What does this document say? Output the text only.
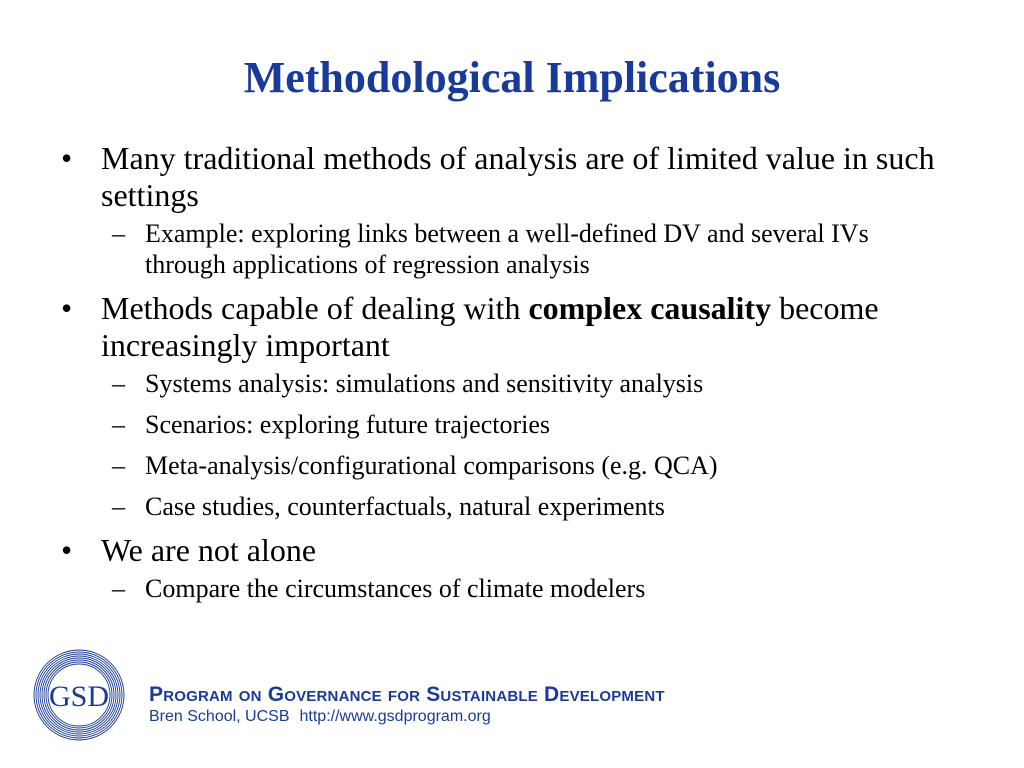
Methodological Implications
• Many traditional methods of analysis are of limited value in such settings
– Example: exploring links between a well-defined DV and several IVs through applications of regression analysis
• Methods capable of dealing with complex causality become increasingly important
– Systems analysis: simulations and sensitivity analysis
– Scenarios: exploring future trajectories
– Meta-analysis/configurational comparisons (e.g. QCA)
– Case studies, counterfactuals, natural experiments
• We are not alone
– Compare the circumstances of climate modelers
GSD Program on Governance for Sustainable Development
Bren School, UCSB http://www.gsdprogram.org
